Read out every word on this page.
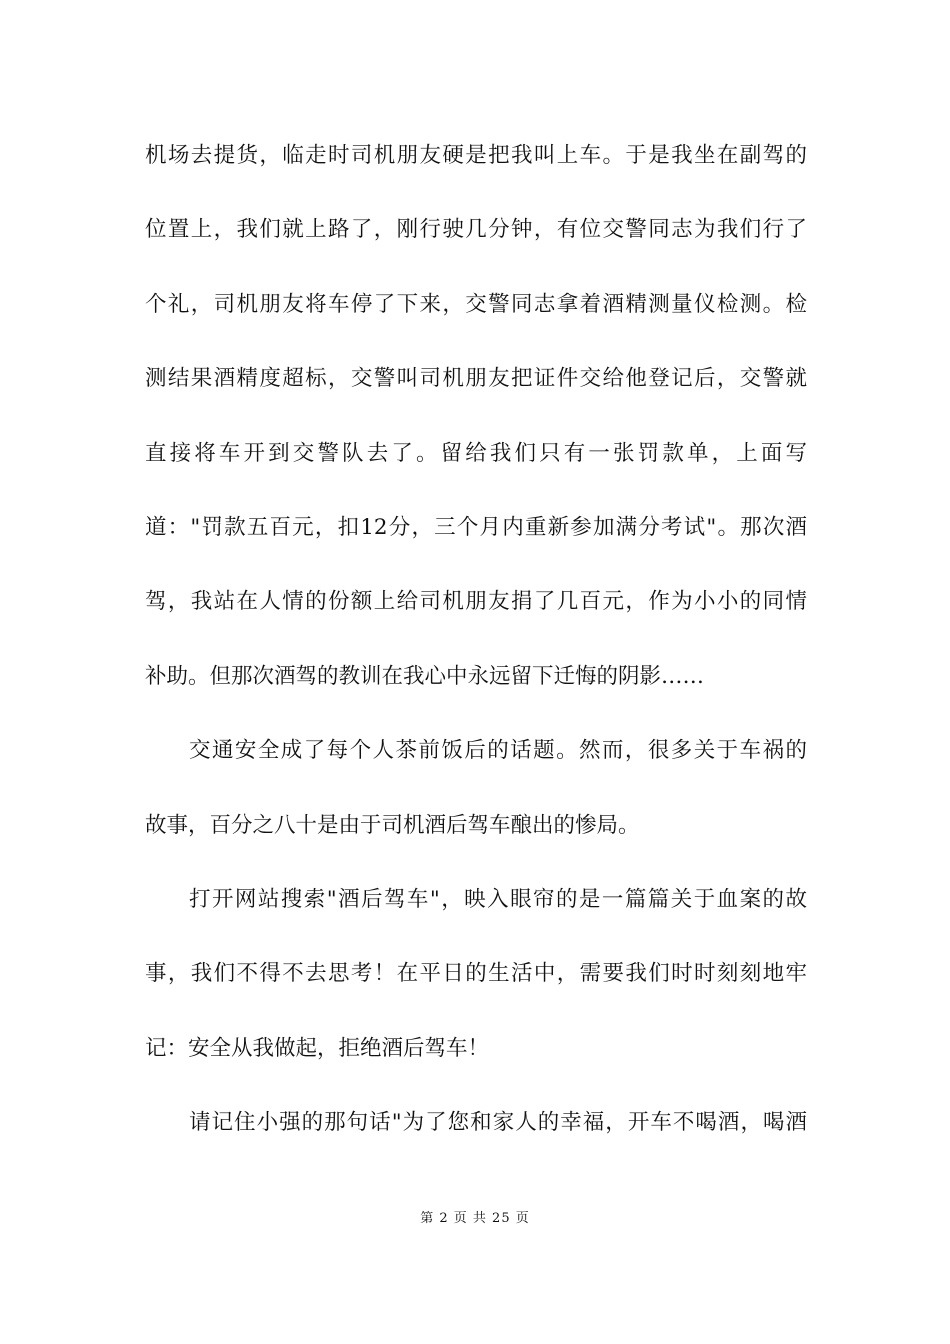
机场去提货，临走时司机朋友硬是把我叫上车。于是我坐在副驾的
位置上，我们就上路了，刚行驶几分钟，有位交警同志为我们行了
个礼，司机朋友将车停了下来，交警同志拿着酒精测量仪检测。检
测结果酒精度超标，交警叫司机朋友把证件交给他登记后，交警就
直接将车开到交警队去了。留给我们只有一张罚款单，上面写
道："罚款五百元，扣12分，三个月内重新参加满分考试"。那次酒
驾，我站在人情的份额上给司机朋友捐了几百元，作为小小的同情
补助。但那次酒驾的教训在我心中永远留下迁悔的阴影……
交通安全成了每个人茶前饭后的话题。然而，很多关于车祸的
故事，百分之八十是由于司机酒后驾车酿出的惨局。
打开网站搜索"酒后驾车"，映入眼帘的是一篇篇关于血案的故
事，我们不得不去思考！在平日的生活中，需要我们时时刻刻地牢
记：安全从我做起，拒绝酒后驾车！
请记住小强的那句话"为了您和家人的幸福，开车不喝酒，喝酒
第 2 页 共 25 页
